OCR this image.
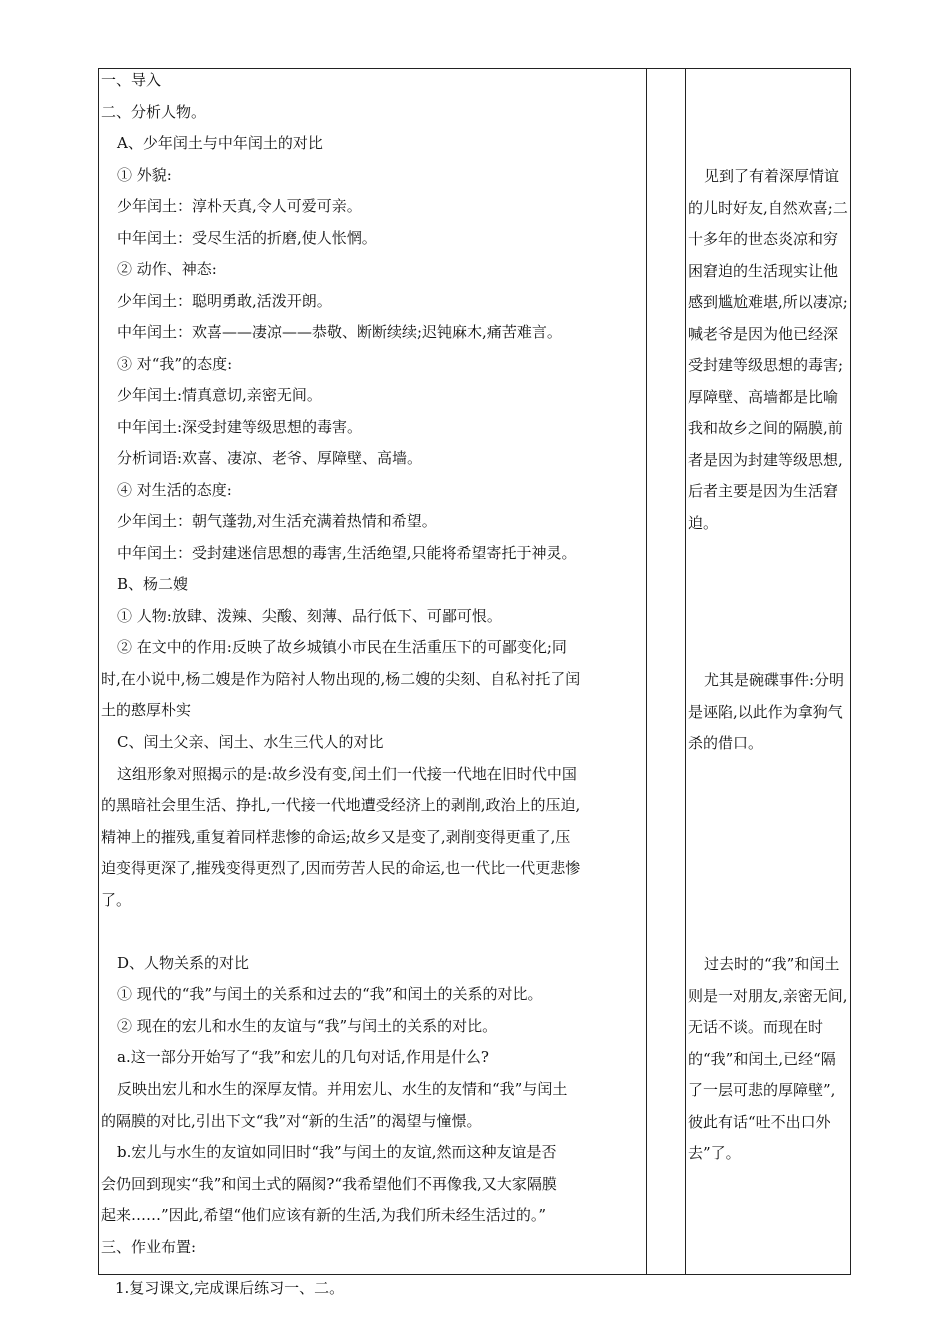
一、导入
二、分析人物。
A、少年闰土与中年闰土的对比
① 外貌:
少年闰土：淳朴天真,令人可爱可亲。
中年闰土：受尽生活的折磨,使人怅惘。
② 动作、神态:
少年闰土：聪明勇敢,活泼开朗。
中年闰土：欢喜——凄凉——恭敬、断断续续;迟钝麻木,痛苦难言。
③ 对“我”的态度:
少年闰土:情真意切,亲密无间。
中年闰土:深受封建等级思想的毒害。
分析词语:欢喜、凄凉、老爷、厚障壁、高墙。
④ 对生活的态度:
少年闰土：朝气蓬勃,对生活充满着热情和希望。
中年闰土：受封建迷信思想的毒害,生活绝望,只能将希望寄托于神灵。
B、杨二嫂
① 人物:放肆、泼辣、尖酸、刻薄、品行低下、可鄙可恨。
② 在文中的作用:反映了故乡城镇小市民在生活重压下的可鄙变化;同
时,在小说中,杨二嫂是作为陪衬人物出现的,杨二嫂的尖刻、自私衬托了闰
土的憨厚朴实
C、闰土父亲、闰土、水生三代人的对比
这组形象对照揭示的是:故乡没有变,闰土们一代接一代地在旧时代中国
的黑暗社会里生活、挣扎,一代接一代地遭受经济上的剥削,政治上的压迫,
精神上的摧残,重复着同样悲惨的命运;故乡又是变了,剥削变得更重了,压
迫变得更深了,摧残变得更烈了,因而劳苦人民的命运,也一代比一代更悲惨
了。
D、人物关系的对比
① 现代的“我”与闰土的关系和过去的“我”和闰土的关系的对比。
② 现在的宏儿和水生的友谊与“我”与闰土的关系的对比。
a.这一部分开始写了“我”和宏儿的几句对话,作用是什么?
反映出宏儿和水生的深厚友情。并用宏儿、水生的友情和“我”与闰土
的隔膜的对比,引出下文“我”对“新的生活”的渴望与憧憬。
b.宏儿与水生的友谊如同旧时“我”与闰土的友谊,然而这种友谊是否
会仍回到现实“我”和闰土式的隔阂?“我希望他们不再像我,又大家隔膜
起来……”因此,希望“他们应该有新的生活,为我们所未经生活过的。”
三、作业布置:

见到了有着深厚情谊的儿时好友,自然欢喜;二十多年的世态炎凉和穷困窘迫的生活现实让他感到尴尬难堪,所以凄凉;喊老爷是因为他已经深受封建等级思想的毒害;厚障壁、高墙都是比喻我和故乡之间的隔膜,前者是因为封建等级思想,后者主要是因为生活窘迫。

尤其是碗碟事件:分明是诬陷,以此作为拿狗气杀的借口。

过去时的“我”和闰土则是一对朋友,亲密无间,无话不谈。而现在时的“我”和闰土,已经“隔了一层可悲的厚障壁”,彼此有话“吐不出口外去”了。

1.复习课文,完成课后练习一、二。
